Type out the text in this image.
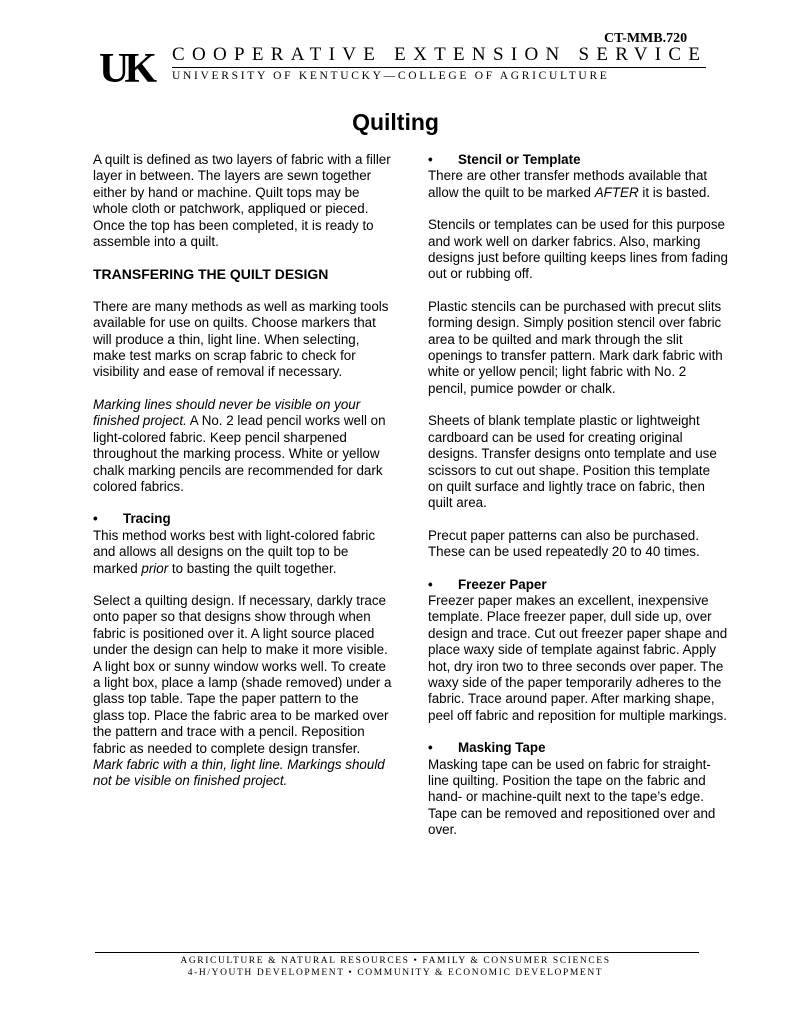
CT-MMB.720
UK COOPERATIVE EXTENSION SERVICE
UNIVERSITY OF KENTUCKY—COLLEGE OF AGRICULTURE
Quilting

A quilt is defined as two layers of fabric with a filler layer in between. The layers are sewn together either by hand or machine. Quilt tops may be whole cloth or patchwork, appliqued or pieced. Once the top has been completed, it is ready to assemble into a quilt.

TRANSFERING THE QUILT DESIGN

There are many methods as well as marking tools available for use on quilts. Choose markers that will produce a thin, light line. When selecting, make test marks on scrap fabric to check for visibility and ease of removal if necessary.

Marking lines should never be visible on your finished project. A No. 2 lead pencil works well on light-colored fabric. Keep pencil sharpened throughout the marking process. White or yellow chalk marking pencils are recommended for dark colored fabrics.

• Tracing

This method works best with light-colored fabric and allows all designs on the quilt top to be marked prior to basting the quilt together.

Select a quilting design. If necessary, darkly trace onto paper so that designs show through when fabric is positioned over it. A light source placed under the design can help to make it more visible. A light box or sunny window works well. To create a light box, place a lamp (shade removed) under a glass top table. Tape the paper pattern to the glass top. Place the fabric area to be marked over the pattern and trace with a pencil. Reposition fabric as needed to complete design transfer. Mark fabric with a thin, light line. Markings should not be visible on finished project.

• Stencil or Template

There are other transfer methods available that allow the quilt to be marked AFTER it is basted.

Stencils or templates can be used for this purpose and work well on darker fabrics. Also, marking designs just before quilting keeps lines from fading out or rubbing off.

Plastic stencils can be purchased with precut slits forming design. Simply position stencil over fabric area to be quilted and mark through the slit openings to transfer pattern. Mark dark fabric with white or yellow pencil; light fabric with No. 2 pencil, pumice powder or chalk.

Sheets of blank template plastic or lightweight cardboard can be used for creating original designs. Transfer designs onto template and use scissors to cut out shape. Position this template on quilt surface and lightly trace on fabric, then quilt area.

Precut paper patterns can also be purchased. These can be used repeatedly 20 to 40 times.

• Freezer Paper

Freezer paper makes an excellent, inexpensive template. Place freezer paper, dull side up, over design and trace. Cut out freezer paper shape and place waxy side of template against fabric. Apply hot, dry iron two to three seconds over paper. The waxy side of the paper temporarily adheres to the fabric. Trace around paper. After marking shape, peel off fabric and reposition for multiple markings.

• Masking Tape

Masking tape can be used on fabric for straight-line quilting. Position the tape on the fabric and hand- or machine-quilt next to the tape’s edge. Tape can be removed and repositioned over and over.

AGRICULTURE & NATURAL RESOURCES • FAMILY & CONSUMER SCIENCES
4-H/YOUTH DEVELOPMENT • COMMUNITY & ECONOMIC DEVELOPMENT
